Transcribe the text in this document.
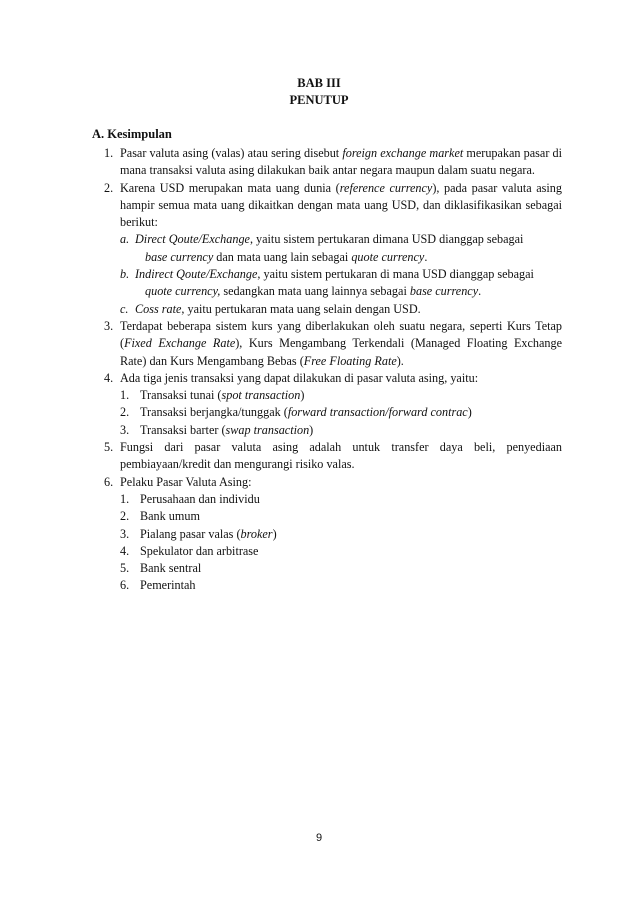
BAB III
PENUTUP
A. Kesimpulan
1. Pasar valuta asing (valas) atau sering disebut foreign exchange market merupakan pasar di mana transaksi valuta asing dilakukan baik antar negara maupun dalam suatu negara.
2. Karena USD merupakan mata uang dunia (reference currency), pada pasar valuta asing hampir semua mata uang dikaitkan dengan mata uang USD, dan diklasifikasikan sebagai berikut:
a. Direct Qoute/Exchange, yaitu sistem pertukaran dimana USD dianggap sebagai
base currency dan mata uang lain sebagai quote currency.
b. Indirect Qoute/Exchange, yaitu sistem pertukaran di mana USD dianggap sebagai
quote currency, sedangkan mata uang lainnya sebagai base currency.
c. Coss rate, yaitu pertukaran mata uang selain dengan USD.
3. Terdapat beberapa sistem kurs yang diberlakukan oleh suatu negara, seperti Kurs Tetap (Fixed Exchange Rate), Kurs Mengambang Terkendali (Managed Floating Exchange Rate) dan Kurs Mengambang Bebas (Free Floating Rate).
4. Ada tiga jenis transaksi yang dapat dilakukan di pasar valuta asing, yaitu:
1. Transaksi tunai (spot transaction)
2. Transaksi berjangka/tunggak (forward transaction/forward contrac)
3. Transaksi barter (swap transaction)
5. Fungsi dari pasar valuta asing adalah untuk transfer daya beli, penyediaan pembiayaan/kredit dan mengurangi risiko valas.
6. Pelaku Pasar Valuta Asing:
1. Perusahaan dan individu
2. Bank umum
3. Pialang pasar valas (broker)
4. Spekulator dan arbitrase
5. Bank sentral
6. Pemerintah
9
